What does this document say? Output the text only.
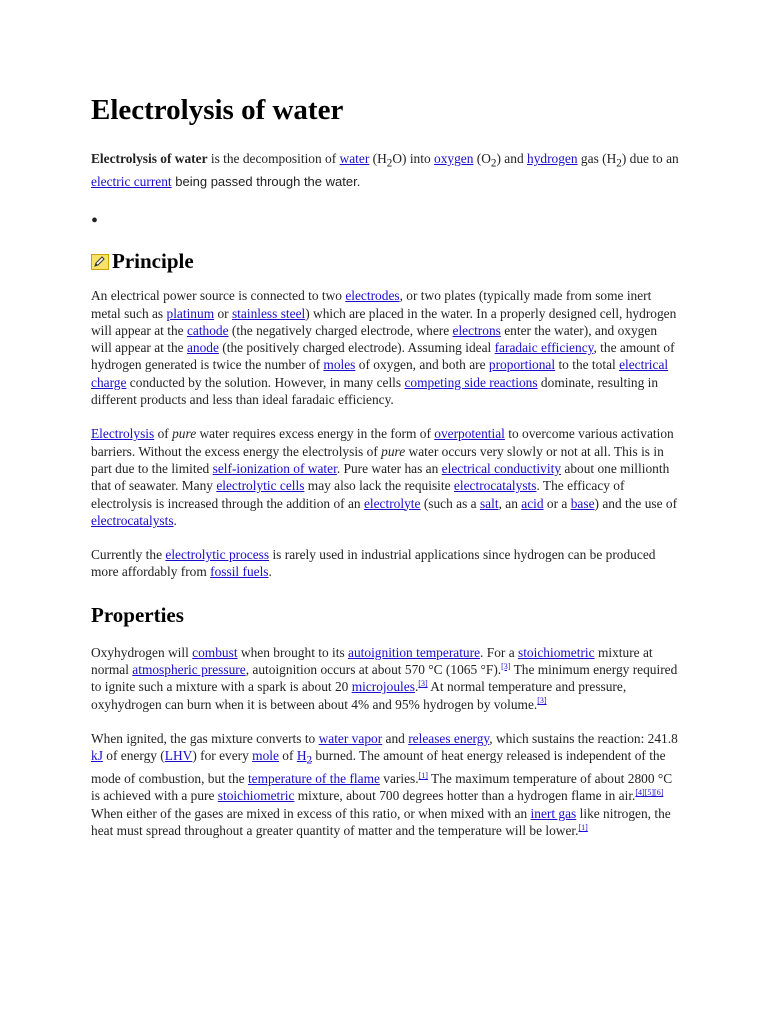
Electrolysis of water

Electrolysis of water is the decomposition of water $(H_2O)$ into oxygen $(O_2)$ and hydrogen gas $(H_2)$ due to an electric current being passed through the water.

•
Principle

An electrical power source is connected to two electrodes, or two plates (typically made from some inert metal such as platinum or stainless steel) which are placed in the water. In a properly designed cell, hydrogen will appear at the cathode (the negatively charged electrode, where electrons enter the water), and oxygen will appear at the anode (the positively charged electrode). Assuming ideal faradaic efficiency, the amount of hydrogen generated is twice the number of moles of oxygen, and both are proportional to the total electrical charge conducted by the solution. However, in many cells competing side reactions dominate, resulting in different products and less than ideal faradaic efficiency.

Electrolysis of pure water requires excess energy in the form of overpotential to overcome various activation barriers. Without the excess energy the electrolysis of pure water occurs very slowly or not at all. This is in part due to the limited self-ionization of water. Pure water has an electrical conductivity about one millionth that of seawater. Many electrolytic cells may also lack the requisite electrocatalysts. The efficacy of electrolysis is increased through the addition of an electrolyte (such as a salt, an acid or a base) and the use of electrocatalysts.

Currently the electrolytic process is rarely used in industrial applications since hydrogen can be produced more affordably from fossil fuels.

Properties

Oxyhydrogen will combust when brought to its autoignition temperature. For a stoichiometric mixture at normal atmospheric pressure, autoignition occurs at about 570 °C (1065 °F).[3] The minimum energy required to ignite such a mixture with a spark is about 20 microjoules.[3] At normal temperature and pressure, oxyhydrogen can burn when it is between about 4% and 95% hydrogen by volume.[3]

When ignited, the gas mixture converts to water vapor and releases energy, which sustains the reaction: 241.8 kJ of energy (LHV) for every mole of $H_2$ burned. The amount of heat energy released is independent of the mode of combustion, but the temperature of the flame varies.[1] The maximum temperature of about 2800 °C is achieved with a pure stoichiometric mixture, about 700 degrees hotter than a hydrogen flame in air.[4][5][6] When either of the gases are mixed in excess of this ratio, or when mixed with an inert gas like nitrogen, the heat must spread throughout a greater quantity of matter and the temperature will be lower.[1]
